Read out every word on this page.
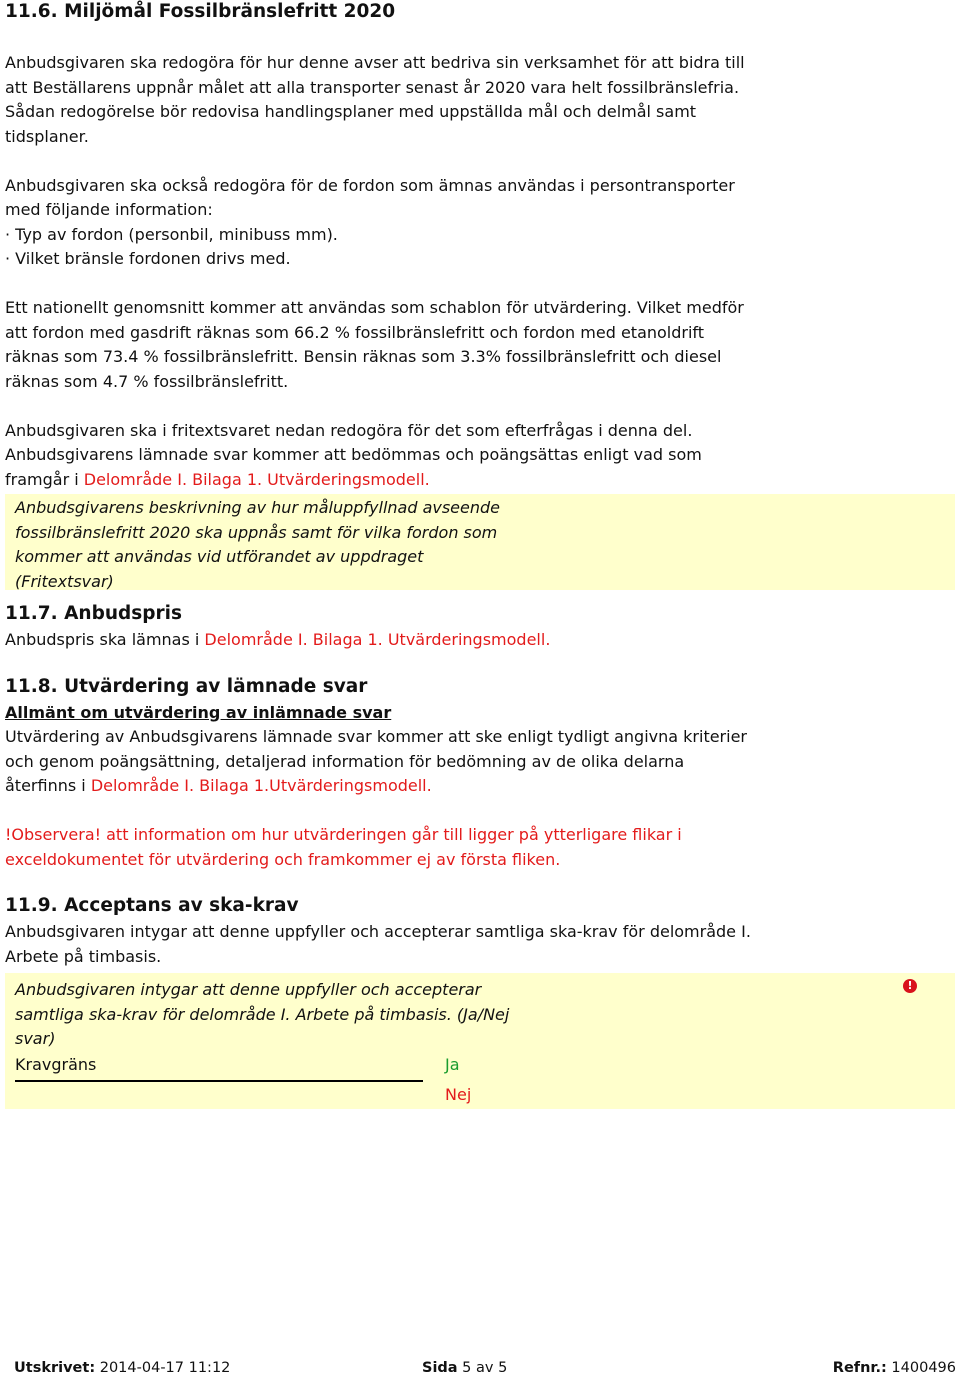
11.6. Miljömål Fossilbränslefritt 2020

Anbudsgivaren ska redogöra för hur denne avser att bedriva sin verksamhet för att bidra till

att Beställarens uppnår målet att alla transporter senast år 2020 vara helt fossilbränslefria.

Sådan redogörelse bör redovisa handlingsplaner med uppställda mål och delmål samt

tidsplaner.

Anbudsgivaren ska också redogöra för de fordon som ämnas användas i persontransporter

med följande information:

· Typ av fordon (personbil, minibuss mm).

· Vilket bränsle fordonen drivs med.

Ett nationellt genomsnitt kommer att användas som schablon för utvärdering. Vilket medför

att fordon med gasdrift räknas som 66.2 % fossilbränslefritt och fordon med etanoldrift

räknas som 73.4 % fossilbränslefritt. Bensin räknas som 3.3% fossilbränslefritt och diesel

räknas som 4.7 % fossilbränslefritt.

Anbudsgivaren ska i fritextsvaret nedan redogöra för det som efterfrågas i denna del.

Anbudsgivarens lämnade svar kommer att bedömmas och poängsättas enligt vad som

framgår i Delområde I. Bilaga 1. Utvärderingsmodell.

Anbudsgivarens beskrivning av hur måluppfyllnad avseende

fossilbränslefritt 2020 ska uppnås samt för vilka fordon som

kommer att användas vid utförandet av uppdraget

(Fritextsvar)

11.7. Anbudspris

Anbudspris ska lämnas i Delområde I. Bilaga 1. Utvärderingsmodell.

11.8. Utvärdering av lämnade svar

Allmänt om utvärdering av inlämnade svar

Utvärdering av Anbudsgivarens lämnade svar kommer att ske enligt tydligt angivna kriterier

och genom poängsättning, detaljerad information för bedömning av de olika delarna

återfinns i Delområde I. Bilaga 1.Utvärderingsmodell.

!Observera! att information om hur utvärderingen går till ligger på ytterligare flikar i

exceldokumentet för utvärdering och framkommer ej av första fliken.

11.9. Acceptans av ska-krav

Anbudsgivaren intygar att denne uppfyller och accepterar samtliga ska-krav för delområde I.

Arbete på timbasis.

Anbudsgivaren intygar att denne uppfyller och accepterar
samtliga ska-krav för delområde I. Arbete på timbasis. (Ja/Nej
svar)
!
Kravgräns	Ja
Nej
Utskrivet: 2014-04-17 11:12	Sida 5 av 5	Refnr.: 1400496
